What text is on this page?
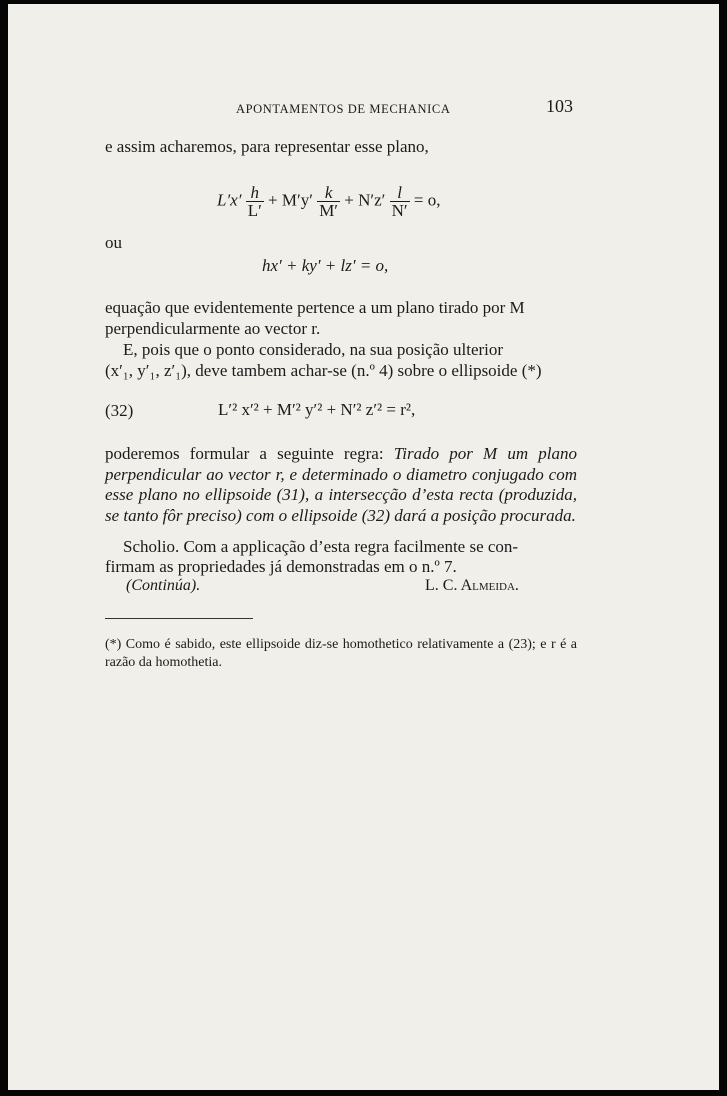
APONTAMENTOS DE MECHANICA	103
e assim acharemos, para representar esse plano,
$L'x' \frac{h}{L'} + M'y' \frac{k}{M'} + N'z' \frac{l}{N'} = o$,
ou
hx′ + ky′ + lz′ = o,
equação que evidentemente pertence a um plano tirado por M
perpendicularmente ao vector r.
E, pois que o ponto considerado, na sua posição ulterior
(x′₁, y′₁, z′₁), deve tambem achar-se (n.º 4) sobre o ellipsoide (*)
(32)	L′² x′² + M′² y′² + N′² z′² = r²,
poderemos formular a seguinte regra: Tirado por M um plano perpendicular ao vector r, e determinado o diametro conjugado com esse plano no ellipsoide (31), a intersecção d’esta recta (produzida, se tanto fôr preciso) com o ellipsoide (32) dará a posição procurada.
Scholio. Com a applicação d’esta regra facilmente se con-
firmam as propriedades já demonstradas em o n.º 7.
(Continúa).	L. C. Almeida.
(*) Como é sabido, este ellipsoide diz-se homothetico relativamente a (23); e r é a razão da homothetia.
